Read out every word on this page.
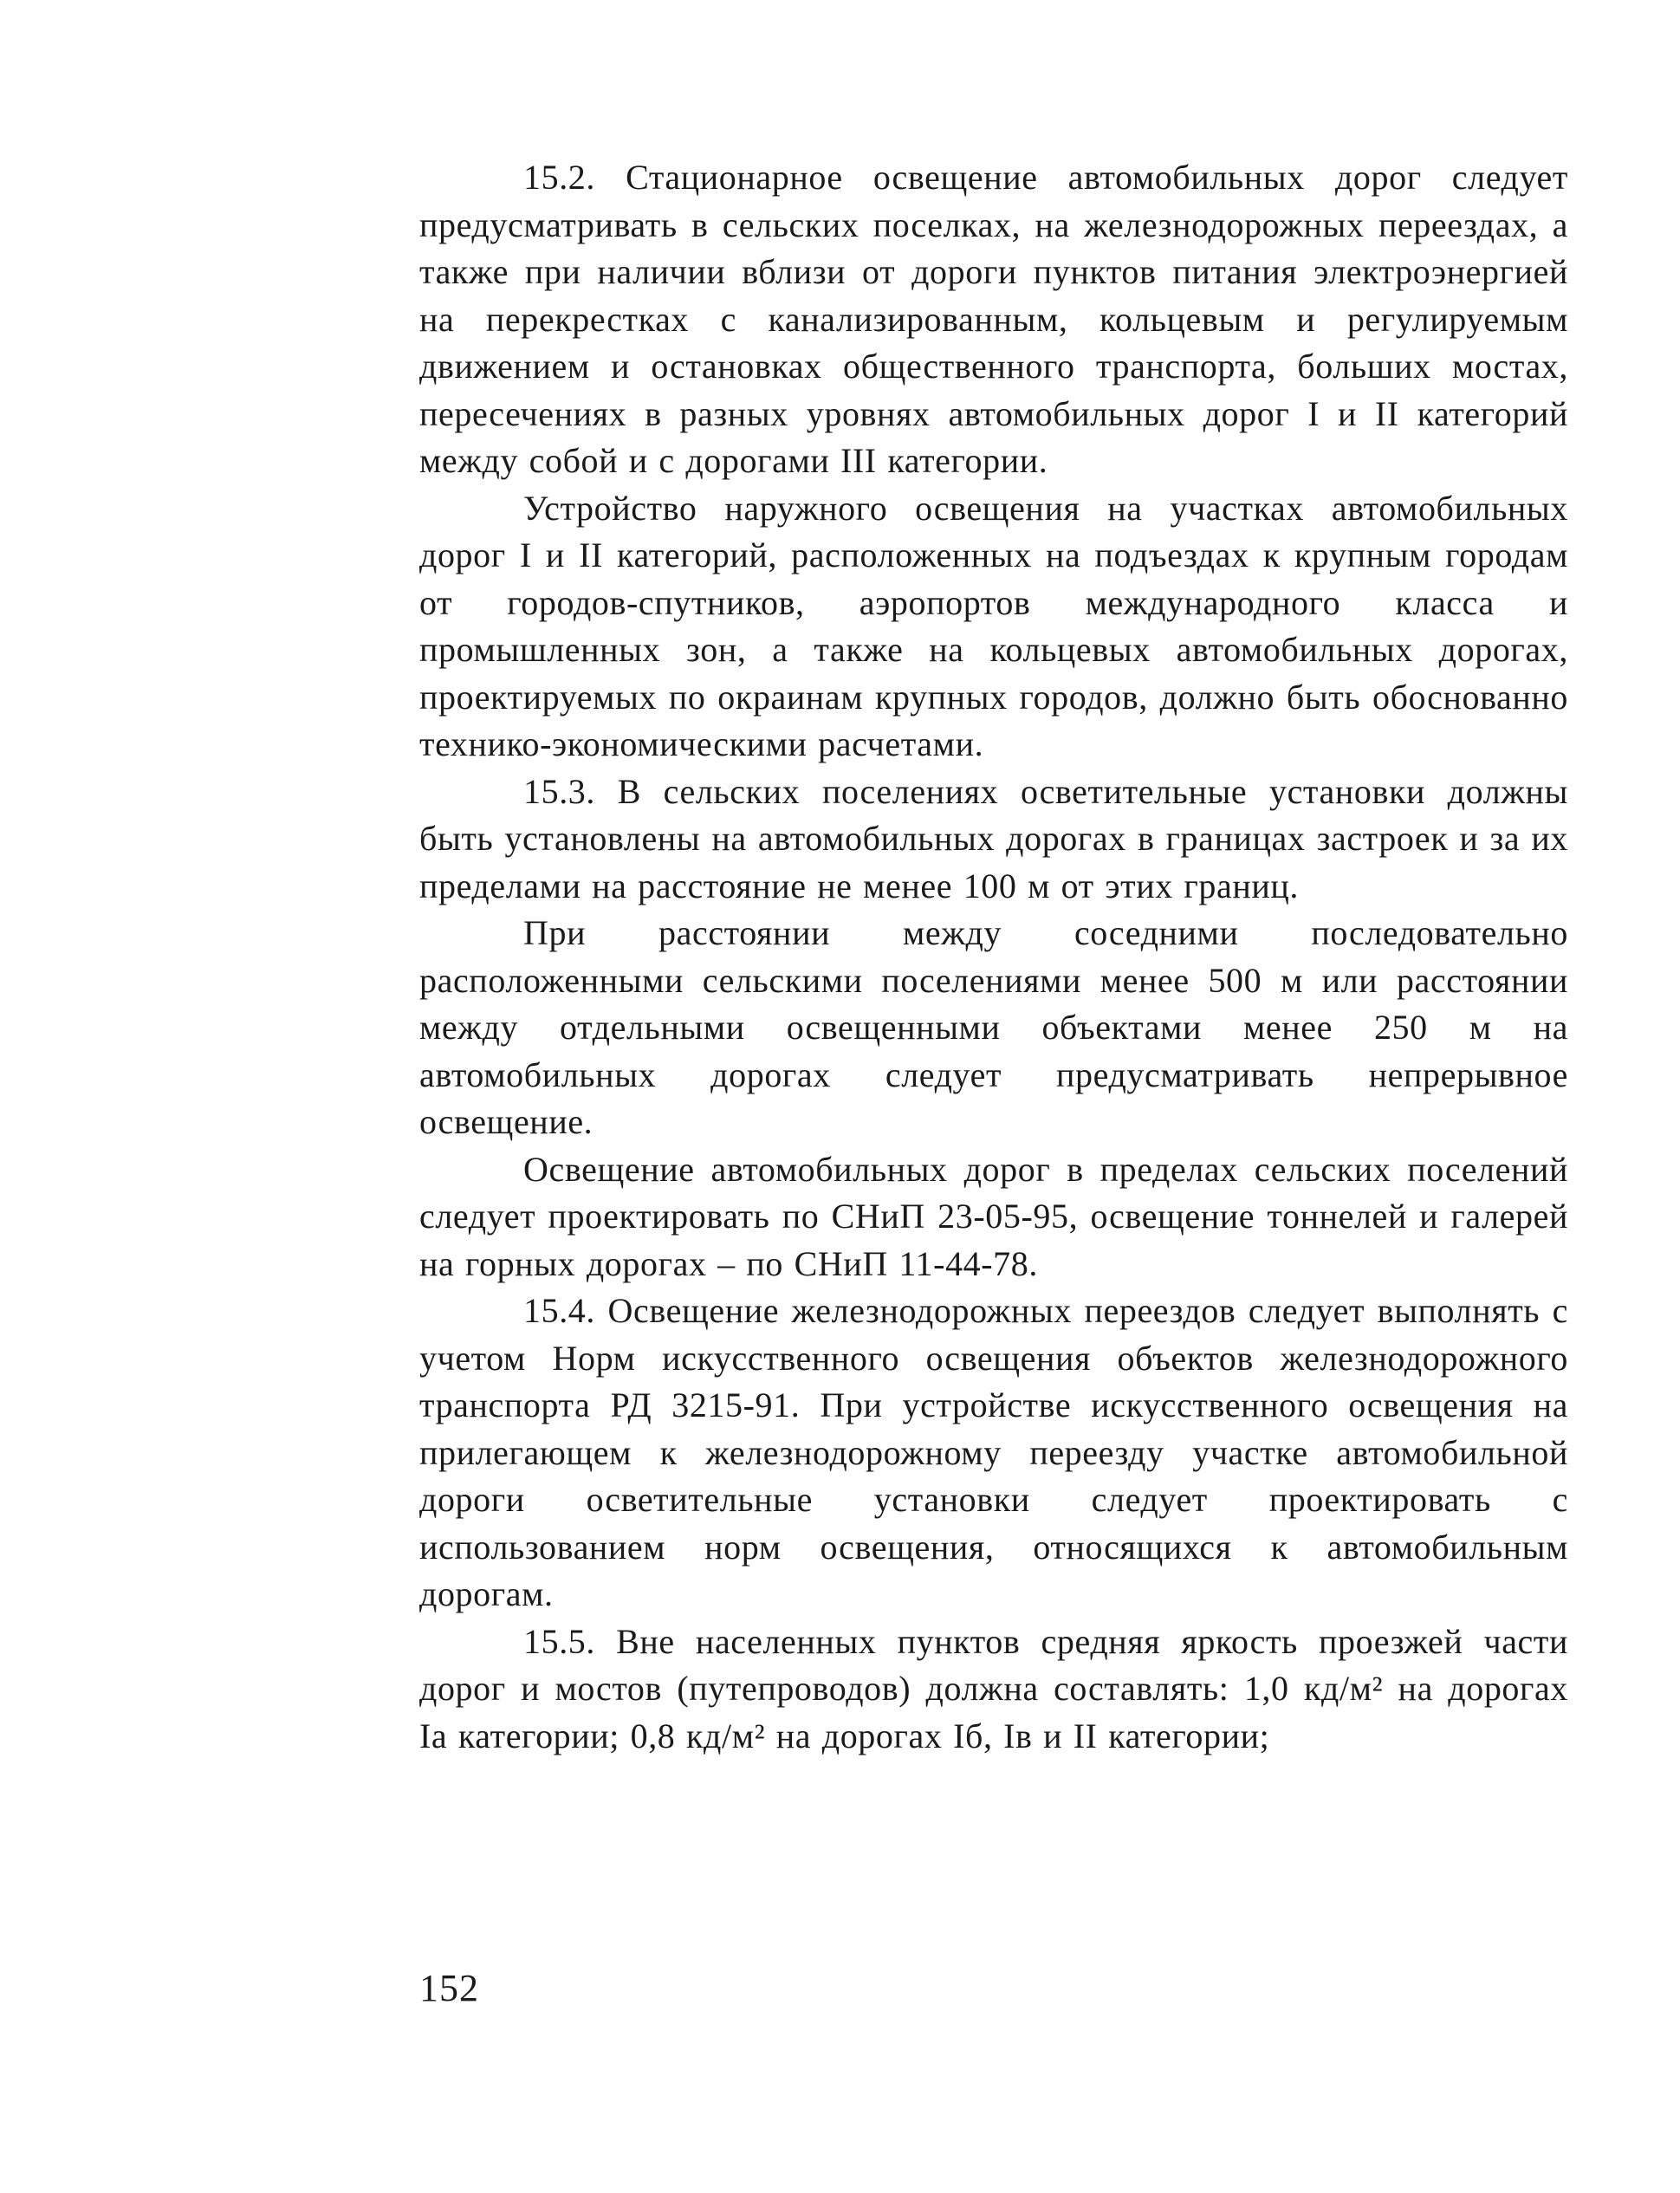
15.2. Стационарное освещение автомобильных дорог следует предусматривать в сельских поселках, на железнодорожных переездах, а также при наличии вблизи от дороги пунктов питания электроэнергией на перекрестках с канализированным, кольцевым и регулируемым движением и остановках общественного транспорта, больших мостах, пересечениях в разных уровнях автомобильных дорог I и II категорий между собой и с дорогами III категории.

Устройство наружного освещения на участках автомобильных дорог I и II категорий, расположенных на подъездах к крупным городам от городов-спутников, аэропортов международного класса и промышленных зон, а также на кольцевых автомобильных дорогах, проектируемых по окраинам крупных городов, должно быть обоснованно технико-экономическими расчетами.

15.3. В сельских поселениях осветительные установки должны быть установлены на автомобильных дорогах в границах застроек и за их пределами на расстояние не менее 100 м от этих границ.

При расстоянии между соседними последовательно расположенными сельскими поселениями менее 500 м или расстоянии между отдельными освещенными объектами менее 250 м на автомобильных дорогах следует предусматривать непрерывное освещение.

Освещение автомобильных дорог в пределах сельских поселений следует проектировать по СНиП 23-05-95, освещение тоннелей и галерей на горных дорогах – по СНиП 11-44-78.

15.4. Освещение железнодорожных переездов следует выполнять с учетом Норм искусственного освещения объектов железнодорожного транспорта РД 3215-91. При устройстве искусственного освещения на прилегающем к железнодорожному переезду участке автомобильной дороги осветительные установки следует проектировать с использованием норм освещения, относящихся к автомобильным дорогам.

15.5. Вне населенных пунктов средняя яркость проезжей части дорог и мостов (путепроводов) должна составлять: 1,0 кд/м² на дорогах Iа категории; 0,8 кд/м² на дорогах Iб, Iв и II категории;

152
